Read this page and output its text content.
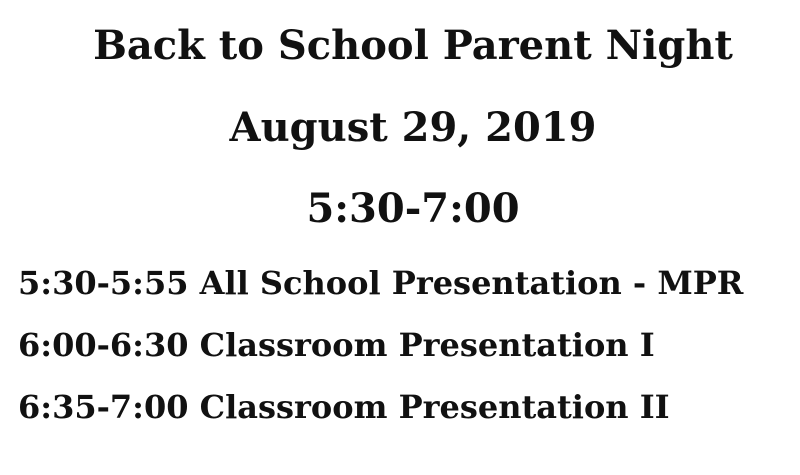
Back to School Parent Night
August 29, 2019
5:30-7:00
5:30-5:55 All School Presentation - MPR
6:00-6:30 Classroom Presentation I
6:35-7:00 Classroom Presentation II
